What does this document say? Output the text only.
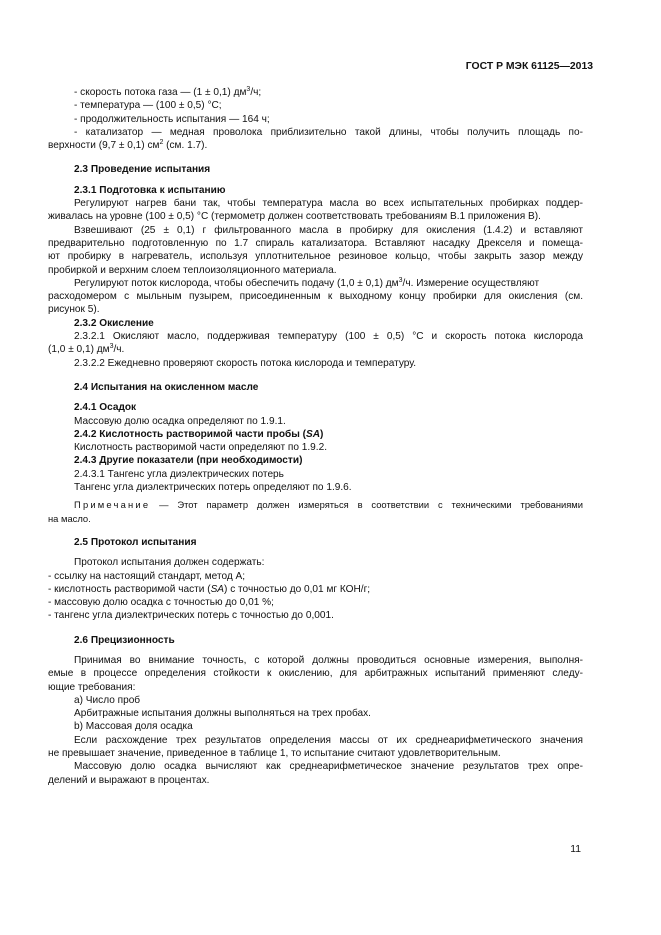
ГОСТ Р МЭК 61125—2013
- скорость потока газа — (1 ± 0,1) $дм^3/ч$;
- температура — (100 ± 0,5) °С;
- продолжительность испытания — 164 ч;
- катализатор — медная проволока приблизительно такой длины, чтобы получить площадь по-
верхности (9,7 ± 0,1) $см^2$ (см. 1.7).
2.3 Проведение испытания
2.3.1 Подготовка к испытанию
Регулируют нагрев бани так, чтобы температура масла во всех испытательных пробирках поддер-
живалась на уровне (100 ± 0,5) °С (термометр должен соответствовать требованиям В.1 приложения В).
Взвешивают (25 ± 0,1) г фильтрованного масла в пробирку для окисления (1.4.2) и вставляют
предварительно подготовленную по 1.7 спираль катализатора. Вставляют насадку Дрекселя и помеща-
ют пробирку в нагреватель, используя уплотнительное резиновое кольцо, чтобы закрыть зазор между
пробиркой и верхним слоем теплоизоляционного материала.
Регулируют поток кислорода, чтобы обеспечить подачу (1,0 ± 0,1) $дм^3/ч$. Измерение осуществляют
расходомером с мыльным пузырем, присоединенным к выходному концу пробирки для окисления (см.
рисунок 5).
2.3.2 Окисление
2.3.2.1 Окисляют масло, поддерживая температуру (100 ± 0,5) °С и скорость потока кислорода
(1,0 ± 0,1) $дм^3/ч$.
2.3.2.2 Ежедневно проверяют скорость потока кислорода и температуру.
2.4 Испытания на окисленном масле
2.4.1 Осадок
Массовую долю осадка определяют по 1.9.1.
2.4.2 Кислотность растворимой части пробы (SA)
Кислотность растворимой части определяют по 1.9.2.
2.4.3 Другие показатели (при необходимости)
2.4.3.1 Тангенс угла диэлектрических потерь
Тангенс угла диэлектрических потерь определяют по 1.9.6.
Примечание — Этот параметр должен измеряться в соответствии с техническими требованиями
на масло.
2.5 Протокол испытания
Протокол испытания должен содержать:
- ссылку на настоящий стандарт, метод А;
- кислотность растворимой части (SA) с точностью до 0,01 мг КОН/г;
- массовую долю осадка с точностью до 0,01 %;
- тангенс угла диэлектрических потерь с точностью до 0,001.
2.6 Прецизионность
Принимая во внимание точность, с которой должны проводиться основные измерения, выполня-
емые в процессе определения стойкости к окислению, для арбитражных испытаний применяют следу-
ющие требования:
а) Число проб
Арбитражные испытания должны выполняться на трех пробах.
b) Массовая доля осадка
Если расхождение трех результатов определения массы от их среднеарифметического значения
не превышает значение, приведенное в таблице 1, то испытание считают удовлетворительным.
Массовую долю осадка вычисляют как среднеарифметическое значение результатов трех опре-
делений и выражают в процентах.
11
